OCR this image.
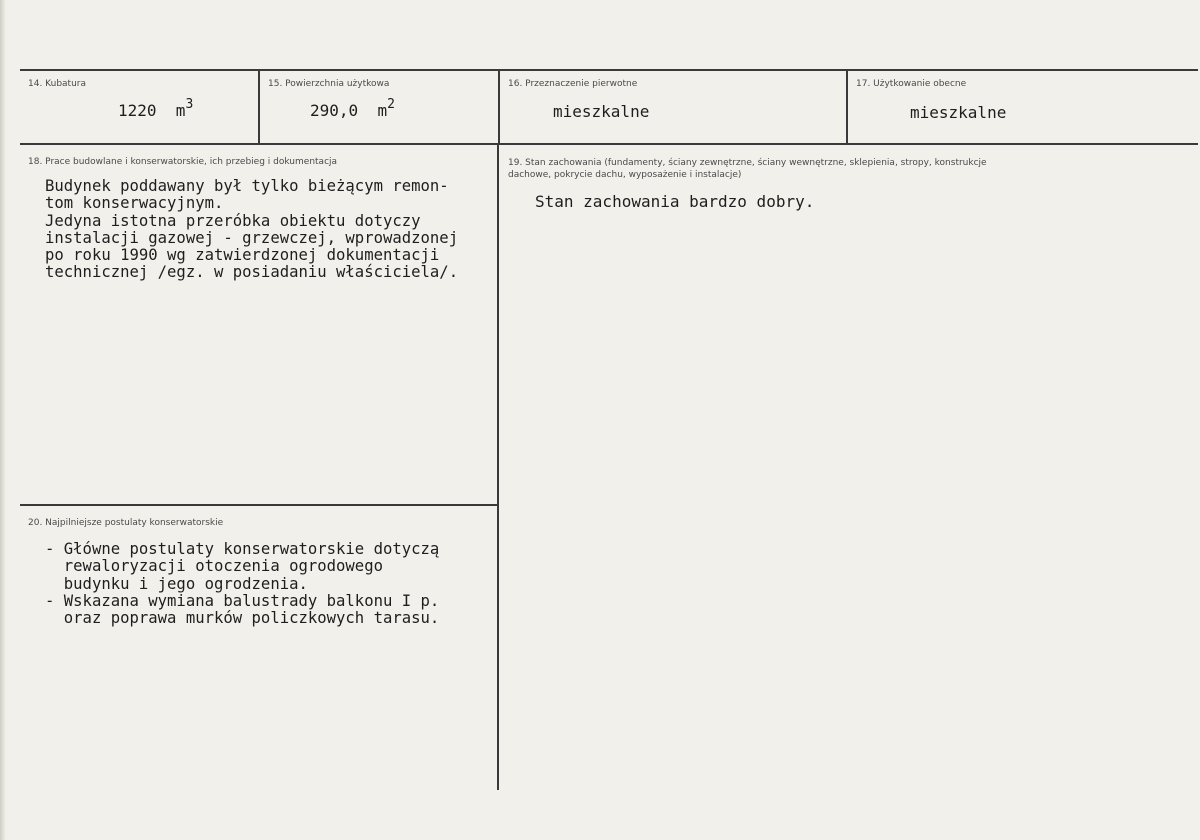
14. Kubatura
1220 $m^3$
15. Powierzchnia użytkowa
290,0 $m^2$
16. Przeznaczenie pierwotne
mieszkalne
17. Użytkowanie obecne
mieszkalne
18. Prace budowlane i konserwatorskie, ich przebieg i dokumentacja
Budynek poddawany był tylko bieżącym remon-
tom konserwacyjnym.
Jedyna istotna przeróbka obiektu dotyczy
instalacji gazowej - grzewczej, wprowadzonej
po roku 1990 wg zatwierdzonej dokumentacji
technicznej /egz. w posiadaniu właściciela/.
19. Stan zachowania (fundamenty, ściany zewnętrzne, ściany wewnętrzne, sklepienia, stropy, konstrukcje dachowe, pokrycie dachu, wyposażenie i instalacje)
Stan zachowania bardzo dobry.
20. Najpilniejsze postulaty konserwatorskie
- Główne postulaty konserwatorskie dotyczą
rewaloryzacji otoczenia ogrodowego
budynku i jego ogrodzenia.
- Wskazana wymiana balustrady balkonu I p.
oraz poprawa murków policzkowych tarasu.
